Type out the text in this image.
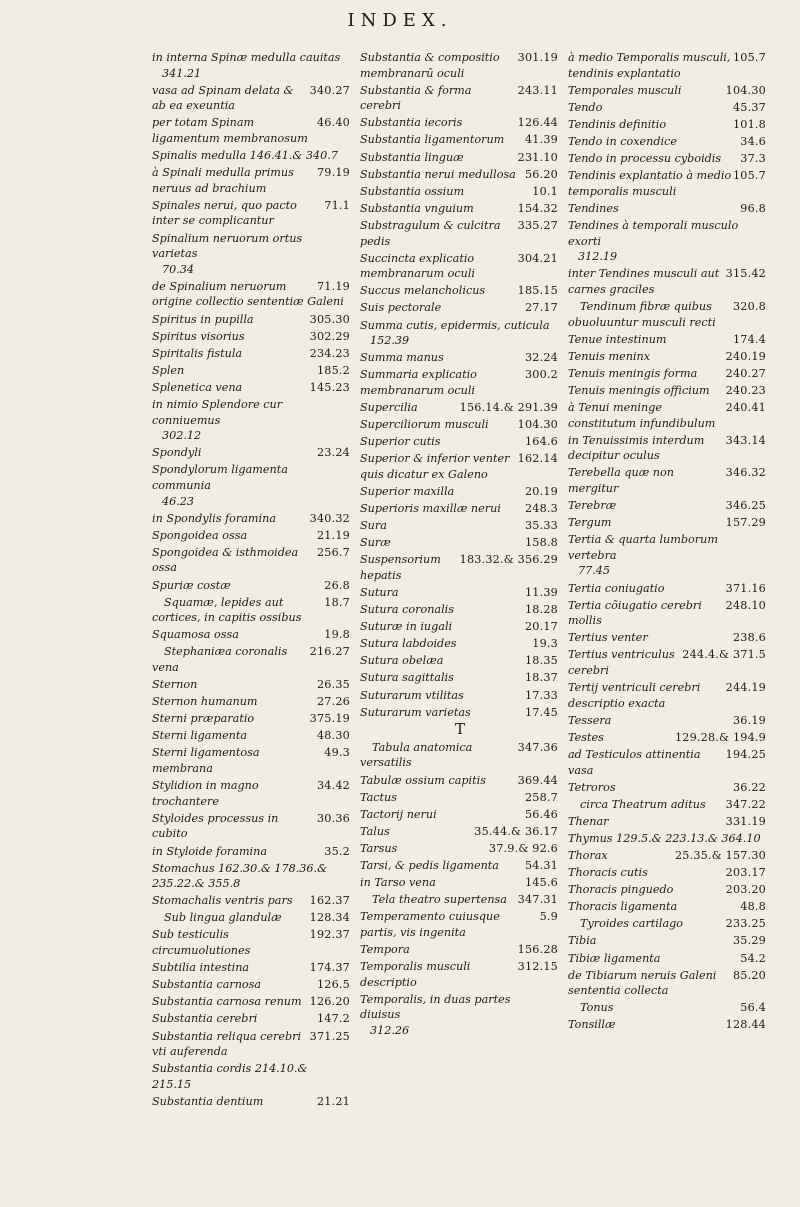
INDEX.
in interna Spinæ medulla cauitas
341.21
340.27
vasa ad Spinam delata & ab ea exeuntia
46.40
per totam Spinam ligamentum membranosum
Spinalis medulla 146.41.& 340.7
79.19
à Spinali medulla primus neruus ad brachium
71.1
Spinales nerui, quo pacto inter se complicantur
Spinalium neruorum ortus varietas
70.34
71.19
de Spinalium neruorum origine collectio sententiæ Galeni
305.30
Spiritus in pupilla
302.29
Spiritus visorius
234.23
Spiritalis fistula
185.2
Splen
145.23
Splenetica vena
in nimio Splendore cur conniuemus
302.12
23.24
Spondyli
Spondylorum ligamenta communia
46.23
340.32
in Spondylis foramina
21.19
Spongoidea ossa
256.7
Spongoidea & isthmoidea ossa
26.8
Spuriæ costæ
18.7
Squamæ, lepides aut cortices, in capitis ossibus
19.8
Squamosa ossa
216.27
Stephaniæa coronalis vena
26.35
Sternon
27.26
Sternon humanum
375.19
Sterni præparatio
48.30
Sterni ligamenta
49.3
Sterni ligamentosa membrana
34.42
Stylidion in magno trochantere
30.36
Styloides processus in cubito
35.2
in Styloide foramina
Stomachus 162.30.& 178.36.& 235.22.& 355.8
162.37
Stomachalis ventris pars
128.34
Sub lingua glandulæ
192.37
Sub testiculis circumuolutiones
174.37
Subtilia intestina
126.5
Substantia carnosa
126.20
Substantia carnosa renum
147.2
Substantia cerebri
371.25
Substantia reliqua cerebri vti auferenda
Substantia cordis 214.10.& 215.15
21.21
Substantia dentium
301.19
Substantia & compositio membranarū oculi
243.11
Substantia & forma cerebri
126.44
Substantia iecoris
41.39
Substantia ligamentorum
231.10
Substantia linguæ
56.20
Substantia nerui medullosa
10.1
Substantia ossium
154.32
Substantia vnguium
335.27
Substragulum & culcitra pedis
304.21
Succincta explicatio membranarum oculi
185.15
Succus melancholicus
27.17
Suis pectorale
Summa cutis, epidermis, cuticula
152.39
32.24
Summa manus
300.2
Summaria explicatio membranarum oculi
156.14.& 291.39
Supercilia
104.30
Superciliorum musculi
164.6
Superior cutis
162.14
Superior & inferior venter quis dicatur ex Galeno
20.19
Superior maxilla
248.3
Superioris maxillæ nerui
35.33
Sura
158.8
Suræ
183.32.& 356.29
Suspensorium hepatis
11.39
Sutura
18.28
Sutura coronalis
20.17
Suturæ in iugali
19.3
Sutura labdoides
18.35
Sutura obelæa
18.37
Sutura sagittalis
17.33
Suturarum vtilitas
17.45
Suturarum varietas
T
347.36
Tabula anatomica versatilis
369.44
Tabulæ ossium capitis
258.7
Tactus
56.46
Tactorij nerui
35.44.& 36.17
Talus
37.9.& 92.6
Tarsus
54.31
Tarsi, & pedis ligamenta
145.6
in Tarso vena
347.31
Tela theatro supertensa
5.9
Temperamento cuiusque partis, vis ingenita
156.28
Tempora
312.15
Temporalis musculi descriptio
Temporalis, in duas partes diuisus
312.26
105.7
à medio Temporalis musculi, tendinis explantatio
104.30
Temporales musculi
45.37
Tendo
101.8
Tendinis definitio
34.6
Tendo in coxendice
37.3
Tendo in processu cyboidis
105.7
Tendinis explantatio à medio temporalis musculi
96.8
Tendines
Tendines à temporali musculo exorti
312.19
315.42
inter Tendines musculi aut carnes graciles
320.8
Tendinum fibræ quibus obuoluuntur musculi recti
174.4
Tenue intestinum
240.19
Tenuis meninx
240.27
Tenuis meningis forma
240.23
Tenuis meningis officium
240.41
à Tenui meninge constitutum infundibulum
343.14
in Tenuissimis interdum decipitur oculus
346.32
Terebella quæ non mergitur
346.25
Terebræ
157.29
Tergum
Tertia & quarta lumborum vertebra
77.45
371.16
Tertia coniugatio
248.10
Tertia cõiugatio cerebri mollis
238.6
Tertius venter
244.4.& 371.5
Tertius ventriculus cerebri
244.19
Tertij ventriculi cerebri descriptio exacta
36.19
Tessera
129.28.& 194.9
Testes
194.25
ad Testiculos attinentia vasa
36.22
Tetroros
347.22
circa Theatrum aditus
331.19
Thenar
Thymus 129.5.& 223.13.& 364.10
25.35.& 157.30
Thorax
203.17
Thoracis cutis
203.20
Thoracis pinguedo
48.8
Thoracis ligamenta
233.25
Tyroides cartilago
35.29
Tibia
54.2
Tibiæ ligamenta
85.20
de Tibiarum neruis Galeni sententia collecta
56.4
Tonus
128.44
Tonsillæ
